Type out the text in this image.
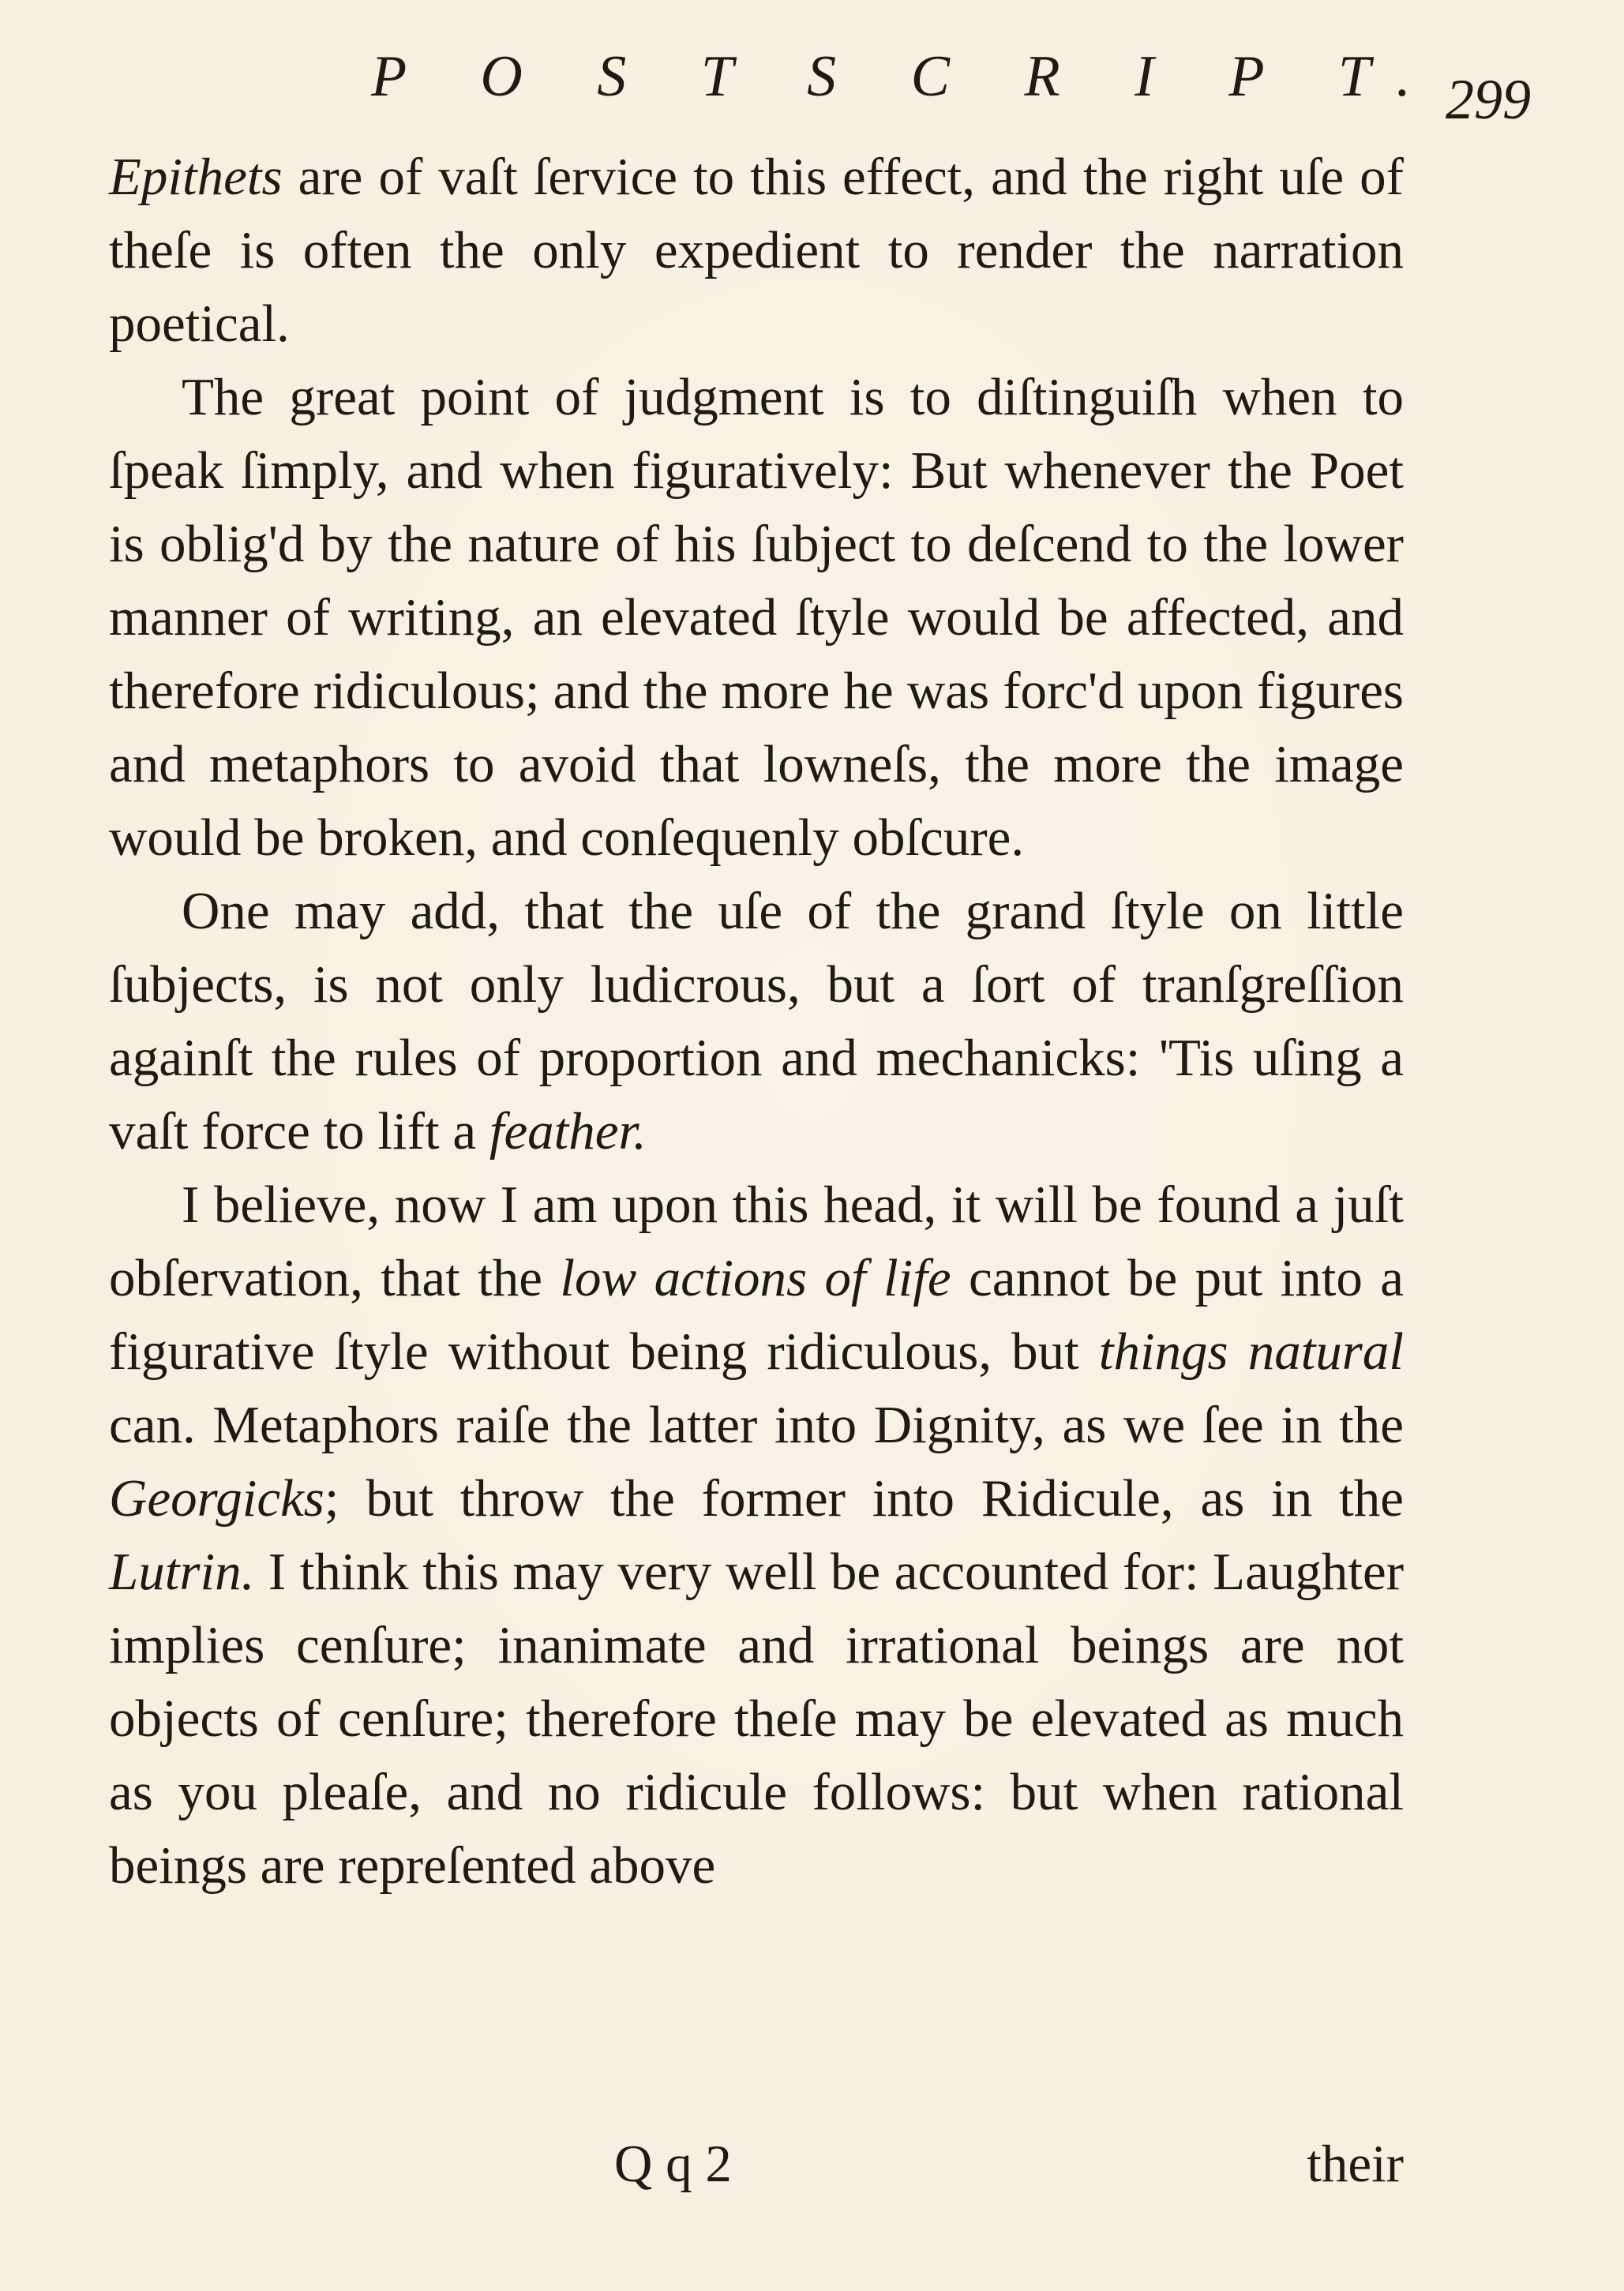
P O S T S C R I P T. 299

Epithets are of vaſt ſervice to this effect, and the right uſe of theſe is often the only expedient to render the narration poetical.

The great point of judgment is to diſtinguiſh when to ſpeak ſimply, and when figuratively: But whenever the Poet is oblig'd by the nature of his ſubject to deſcend to the lower manner of writing, an elevated ſtyle would be affected, and therefore ridiculous; and the more he was forc'd upon figures and metaphors to avoid that lowneſs, the more the image would be broken, and conſequenly obſcure.

One may add, that the uſe of the grand ſtyle on little ſubjects, is not only ludicrous, but a ſort of tranſgreſſion againſt the rules of proportion and mechanicks: 'Tis uſing a vaſt force to lift a feather.

I believe, now I am upon this head, it will be found a juſt obſervation, that the low actions of life cannot be put into a figurative ſtyle without being ridiculous, but things natural can. Metaphors raiſe the latter into Dignity, as we ſee in the Georgicks; but throw the former into Ridicule, as in the Lutrin. I think this may very well be accounted for: Laughter implies cenſure; inanimate and irrational beings are not objects of cenſure; therefore theſe may be elevated as much as you pleaſe, and no ridicule follows: but when rational beings are repreſented above

Q q 2	their
